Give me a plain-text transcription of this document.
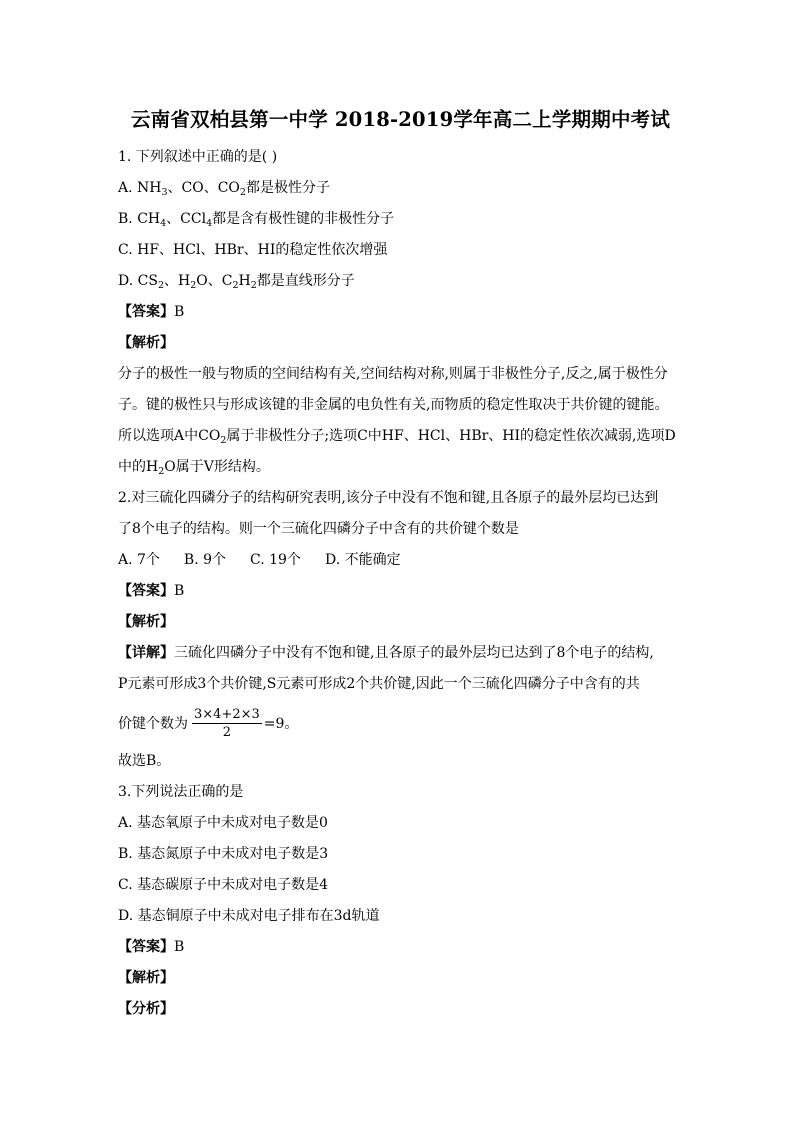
云南省双柏县第一中学 2018-2019学年高二上学期期中考试
1. 下列叙述中正确的是( )
A. $NH_3$、CO、$CO_2$都是极性分子
B. $CH_4$、CCl$_4$都是含有极性键的非极性分子
C. HF、HCl、HBr、HI的稳定性依次增强
D. $CS_2$、$H_2O$、$C_2H_2$都是直线形分子
【答案】B
【解析】
分子的极性一般与物质的空间结构有关,空间结构对称,则属于非极性分子,反之,属于极性分
子。键的极性只与形成该键的非金属的电负性有关,而物质的稳定性取决于共价键的键能。
所以选项A中$CO_2$属于非极性分子;选项C中HF、HCl、HBr、HI的稳定性依次减弱,选项D
中的$H_2O$属于V形结构。
2.对三硫化四磷分子的结构研究表明,该分子中没有不饱和键,且各原子的最外层均已达到
了8个电子的结构。则一个三硫化四磷分子中含有的共价键个数是
A. 7个 B. 9个 C. 19个 D. 不能确定
【答案】B
【解析】
【详解】三硫化四磷分子中没有不饱和键,且各原子的最外层均已达到了8个电子的结构,
P元素可形成3个共价键,S元素可形成2个共价键,因此一个三硫化四磷分子中含有的共
价键个数为 $\frac{3\times 4+2\times 3}{2} =9$。
故选B。
3.下列说法正确的是
A. 基态氧原子中未成对电子数是0
B. 基态氮原子中未成对电子数是3
C. 基态碳原子中未成对电子数是4
D. 基态铜原子中未成对电子排布在3d轨道
【答案】B
【解析】
【分析】
